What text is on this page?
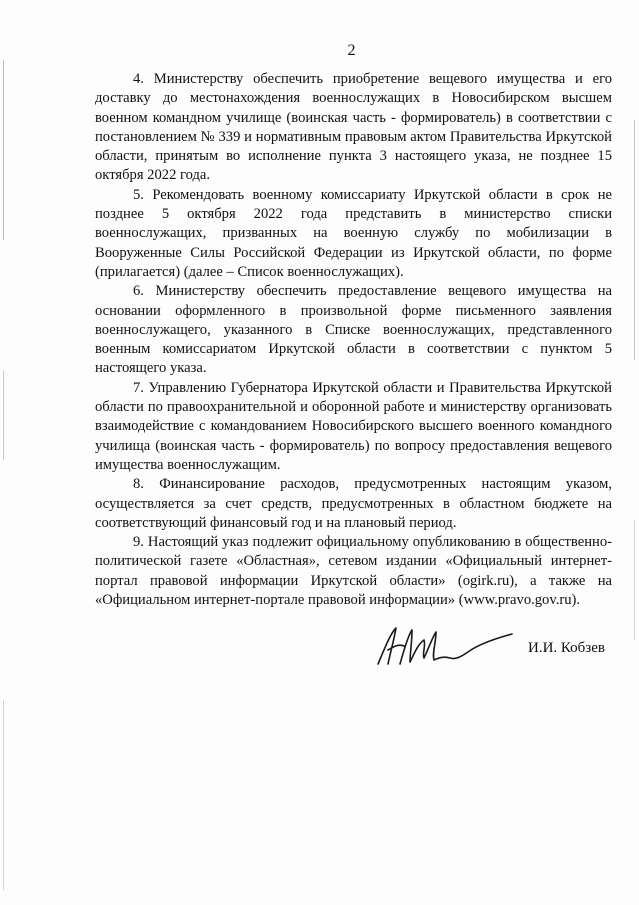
2

4. Министерству обеспечить приобретение вещевого имущества и его доставку до местонахождения военнослужащих в Новосибирском высшем военном командном училище (воинская часть - формирователь) в соответствии с постановлением № 339 и нормативным правовым актом Правительства Иркутской области, принятым во исполнение пункта 3 настоящего указа, не позднее 15 октября 2022 года.

5. Рекомендовать военному комиссариату Иркутской области в срок не позднее 5 октября 2022 года представить в министерство списки военнослужащих, призванных на военную службу по мобилизации в Вооруженные Силы Российской Федерации из Иркутской области, по форме (прилагается) (далее – Список военнослужащих).

6. Министерству обеспечить предоставление вещевого имущества на основании оформленного в произвольной форме письменного заявления военнослужащего, указанного в Списке военнослужащих, представленного военным комиссариатом Иркутской области в соответствии с пунктом 5 настоящего указа.

7. Управлению Губернатора Иркутской области и Правительства Иркутской области по правоохранительной и оборонной работе и министерству организовать взаимодействие с командованием Новосибирского высшего военного командного училища (воинская часть - формирователь) по вопросу предоставления вещевого имущества военнослужащим.

8. Финансирование расходов, предусмотренных настоящим указом, осуществляется за счет средств, предусмотренных в областном бюджете на соответствующий финансовый год и на плановый период.

9. Настоящий указ подлежит официальному опубликованию в общественно-политической газете «Областная», сетевом издании «Официальный интернет-портал правовой информации Иркутской области» (ogirk.ru), а также на «Официальном интернет-портале правовой информации» (www.pravo.gov.ru).

И.И. Кобзев
